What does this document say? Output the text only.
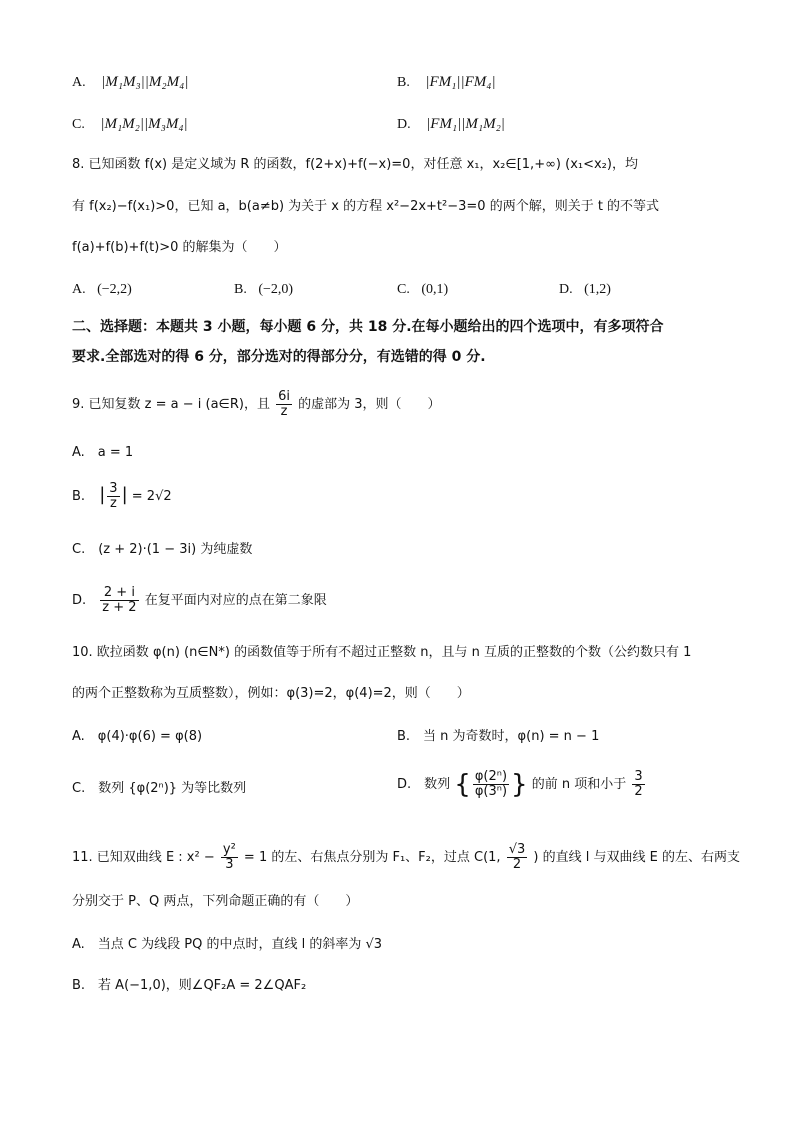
A. |M₁M₃||M₂M₄|	B. |FM₁||FM₄|
C. |M₁M₂||M₃M₄|	D. |FM₁||M₁M₂|
8. 已知函数 f(x) 是定义域为 R 的函数，f(2+x)+f(−x)=0，对任意 x₁，x₂∈[1,+∞) (x₁<x₂)，均
有 f(x₂)−f(x₁)>0，已知 a，b(a≠b) 为关于 x 的方程 x²−2x+t²−3=0 的两个解，则关于 t 的不等式
f(a)+f(b)+f(t)>0 的解集为（　　）
A. (−2,2)	B. (−2,0)	C. (0,1)	D. (1,2)
二、选择题：本题共 3 小题，每小题 6 分，共 18 分.在每小题给出的四个选项中，有多项符合
要求.全部选对的得 6 分，部分选对的得部分分，有选错的得 0 分.
9. 已知复数 z = a − i (a∈R)，且 $\frac{6i}{z}$ 的虚部为 3，则（　　）
A.　a = 1
B. | $\frac{3}{z}$ | = 2√2
C.　(z + 2)·(1 − 3i) 为纯虚数
D. $\frac{2 + i}{z + 2}$ 在复平面内对应的点在第二象限
10. 欧拉函数 φ(n) (n∈N*) 的函数值等于所有不超过正整数 n，且与 n 互质的正整数的个数（公约数只有 1
的两个正整数称为互质整数），例如：φ(3)=2，φ(4)=2，则（　　）
A.　φ(4)·φ(6) = φ(8)	B.　当 n 为奇数时，φ(n) = n − 1
C.　数列 {φ(2ⁿ)} 为等比数列	D.　数列 { $\frac{\text{φ(2ⁿ)}}{\text{φ(3ⁿ)}}$ } 的前 n 项和小于 $\frac{3}{2}$
11. 已知双曲线 E : $x^2 - \frac{\text{y²}}{3} = 1$ 的左、右焦点分别为 F₁、F₂，过点 C(1, $\frac{√3}{2}$ ) 的直线 l 与双曲线 E 的左、右两支
分别交于 P、Q 两点，下列命题正确的有（　　）
A.　当点 C 为线段 PQ 的中点时，直线 l 的斜率为 √3
B.　若 A(−1,0)，则∠QF₂A = 2∠QAF₂
